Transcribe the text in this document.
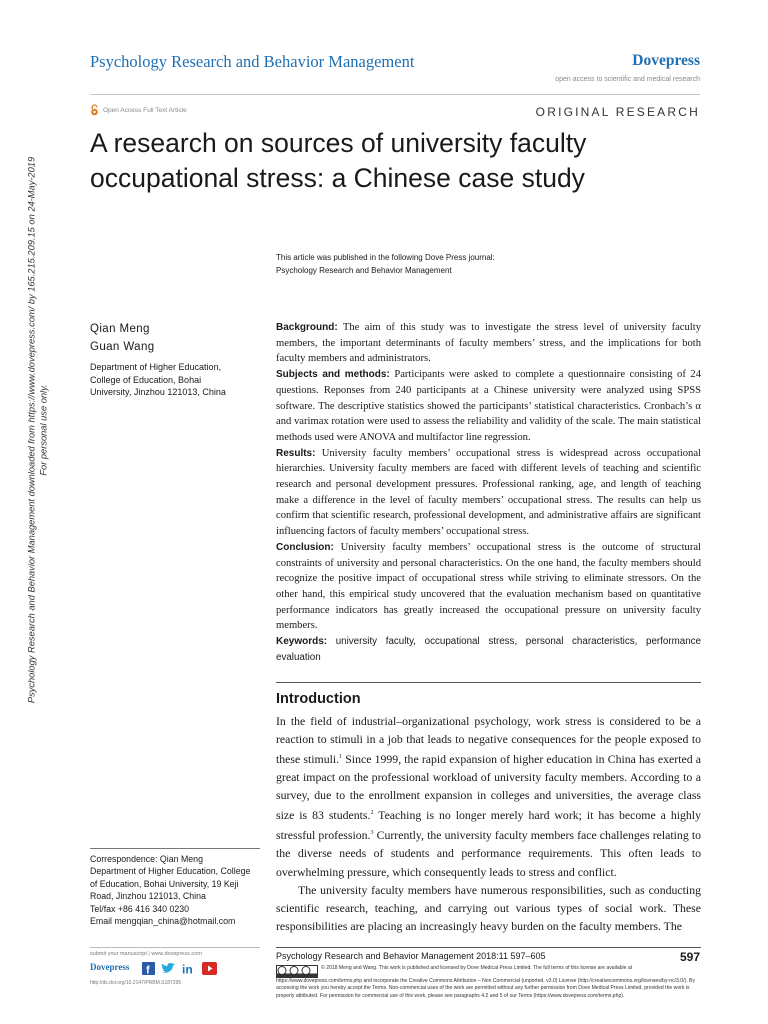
Psychology Research and Behavior Management downloaded from https://www.dovepress.com/ by 165.215.209.15 on 24-May-2019 For personal use only.
Psychology Research and Behavior Management	Dovepress
open access to scientific and medical research
Open Access Full Text Article	ORIGINAL RESEARCH
A research on sources of university faculty
occupational stress: a Chinese case study
This article was published in the following Dove Press journal:
Psychology Research and Behavior Management
Qian Meng
Guan Wang
Department of Higher Education,
College of Education, Bohai
University, Jinzhou 121013, China

Background: The aim of this study was to investigate the stress level of university faculty members, the important determinants of faculty members’ stress, and the implications for both faculty members and administrators.

Subjects and methods: Participants were asked to complete a questionnaire consisting of 24 questions. Reponses from 240 participants at a Chinese university were analyzed using SPSS software. The descriptive statistics showed the participants’ statistical characteristics. Cronbach’s α and varimax rotation were used to assess the reliability and validity of the scale. The main statistical methods used were ANOVA and multifactor line regression.

Results: University faculty members’ occupational stress is widespread across occupational hierarchies. University faculty members are faced with different levels of teaching and scientific research and personal development pressures. Professional ranking, age, and length of teaching make a difference in the level of faculty members’ occupational stress. The results can help us confirm that scientific research, professional development, and administrative affairs are significant influencing factors of faculty members’ occupational stress.

Conclusion: University faculty members’ occupational stress is the outcome of structural constraints of university and personal characteristics. On the one hand, the faculty members should recognize the positive impact of occupational stress while striving to eliminate stressors. On the other hand, this empirical study uncovered that the evaluation mechanism based on quantitative performance indicators has greatly increased the occupational pressure on university faculty members.

Keywords: university faculty, occupational stress, personal characteristics, performance evaluation

Introduction

In the field of industrial–organizational psychology, work stress is considered to be a reaction to stimuli in a job that leads to negative consequences for the people exposed to these stimuli.$^1$ Since 1999, the rapid expansion of higher education in China has exerted a great impact on the professional workload of university faculty members. According to a survey, due to the enrollment expansion in colleges and universities, the average class size is 83 students.$^2$ Teaching is no longer merely hard work; it has become a highly stressful profession.$^3$ Currently, the university faculty members face challenges relating to the diverse needs of students and performance requirements. This often leads to overwhelming pressure, which consequently leads to stress and conflict.

The university faculty members have numerous responsibilities, such as conducting scientific research, teaching, and carrying out various types of social work. These responsibilities are placing an increasingly heavy burden on the faculty members. The

Correspondence: Qian Meng
Department of Higher Education, College
of Education, Bohai University, 19 Keji
Road, Jinzhou 121013, China
Tel/fax +86 416 340 0230
Email mengqian_china@hotmail.com
submit your manuscript | www.dovepress.com
Dovepress f	in
http://dx.doi.org/10.2147/PRBM.S187295
Psychology Research and Behavior Management 2018:11 597–605	597
© 2018 Meng and Wang. This work is published and licensed by Dove Medical Press Limited. The full terms of this license are available at https://www.dovepress.com/terms.php and incorporate the Creative Commons Attribution – Non Commercial (unported, v3.0) License (http://creativecommons.org/licenses/by-nc/3.0/). By accessing the work you hereby accept the Terms. Non-commercial uses of the work are permitted without any further permission from Dove Medical Press Limited, provided the work is properly attributed. For permission for commercial use of this work, please see paragraphs 4.2 and 5 of our Terms (https://www.dovepress.com/terms.php).
